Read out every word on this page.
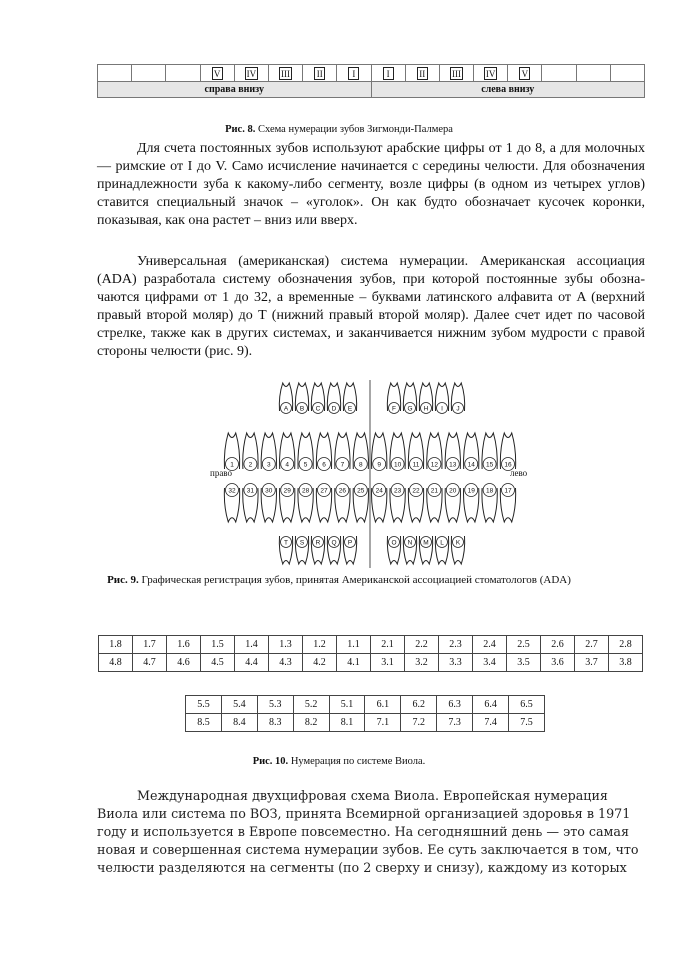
			V	IV	III	II	I	I	II	III	IV	V			
справа внизу								слева внизу							
Рис. 8. Схема нумерации зубов Зигмонди-Палмера

Для счета постоянных зубов используют арабские цифры от 1 до 8, а для молочных — римские от I до V. Само исчисление начинается с середины челюсти. Для обозначения принадлежности зуба к какому-либо сегменту, возле цифры (в одном из четырех углов) ставится специальный значок – «уголок». Он как будто обозначает кусочек коронки, показывая, как она растет – вниз или вверх.

Универсальная (американская) система нумерации. Американская ассоциация (ADA) разработала систему обозначения зубов, при которой постоянные зубы обозна-чаются цифрами от 1 до 32, а временные – буквами латинского алфавита от A (верхний правый второй моляр) до T (нижний правый второй моляр). Далее счет идет по часовой стрелке, также как в других системах, и заканчивается нижним зубом мудрости с правой стороны челюсти (рис. 9).

A B C D E	F G H I J
1 2 3 4 5 6 7 8 9 10 11 12 13 14 15 16
32 31 30 29 28 27 26 25 24 23 22 21 20 19 18 17
T S R Q P	O N M L K
право	лево
Рис. 9. Графическая регистрация зубов, принятая Американской ассоциацией стоматологов (ADA)
1.8	1.7	1.6	1.5	1.4	1.3	1.2	1.1	2.1	2.2	2.3	2.4	2.5	2.6	2.7	2.8
4.8	4.7	4.6	4.5	4.4	4.3	4.2	4.1	3.1	3.2	3.3	3.4	3.5	3.6	3.7	3.8
5.5	5.4	5.3	5.2	5.1	6.1	6.2	6.3	6.4	6.5
8.5	8.4	8.3	8.2	8.1	7.1	7.2	7.3	7.4	7.5
Рис. 10. Нумерация по системе Виола.

Международная двухцифровая схема Виола. Европейская нумерация Виола или система по ВОЗ, принята Всемирной организацией здоровья в 1971 году и используется в Европе повсеместно. На сегодняшний день — это самая новая и совершенная система нумерации зубов. Ее суть заключается в том, что челюсти разделяются на сегменты (по 2 сверху и снизу), каждому из которых
